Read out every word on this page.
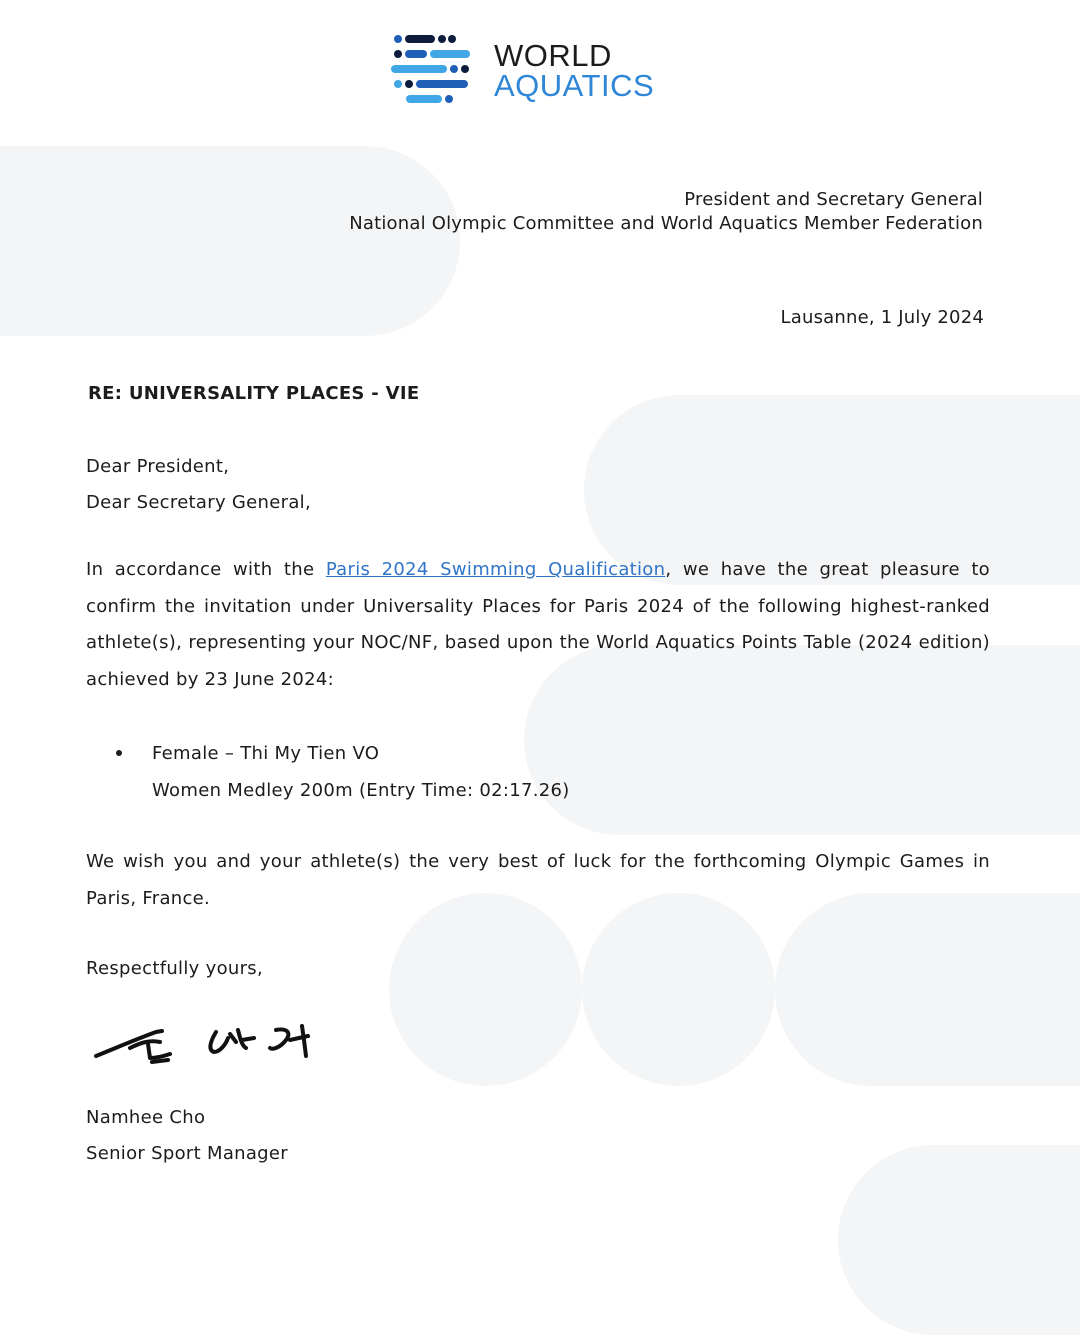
WORLD
AQUATICS
President and Secretary General
National Olympic Committee and World Aquatics Member Federation
Lausanne, 1 July 2024
RE: UNIVERSALITY PLACES - VIE
Dear President,
Dear Secretary General,
In accordance with the Paris 2024 Swimming Qualification, we have the great pleasure to confirm the invitation under Universality Places for Paris 2024 of the following highest-ranked athlete(s), representing your NOC/NF, based upon the World Aquatics Points Table (2024 edition) achieved by 23 June 2024:
Female – Thi My Tien VO
Women Medley 200m (Entry Time: 02:17.26)
We wish you and your athlete(s) the very best of luck for the forthcoming Olympic Games in Paris, France.
Respectfully yours,
Namhee Cho
Senior Sport Manager
